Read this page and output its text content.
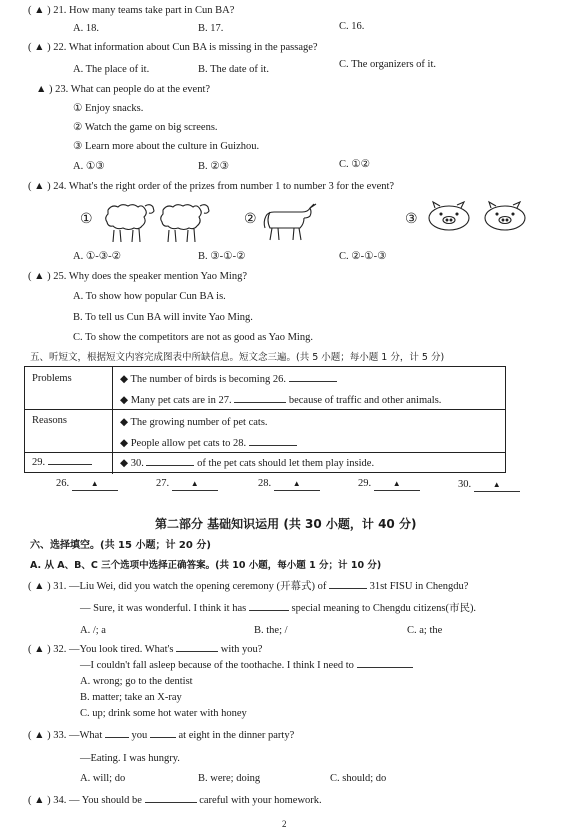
( ▲ ) 21. How many teams take part in Cun BA?
A. 18.	B. 17.	C. 16.
( ▲ ) 22. What information about Cun BA is missing in the passage?
A. The place of it.	B. The date of it.	C. The organizers of it.
▲ ) 23. What can people do at the event?
① Enjoy snacks.
② Watch the game on big screens.
③ Learn more about the culture in Guizhou.
A. ①③	B. ②③	C. ①②
( ▲ ) 24. What's the right order of the prizes from number 1 to number 3 for the event?
①	②	③
A. ①-③-②	B. ③-①-②	C. ②-①-③
( ▲ ) 25. Why does the speaker mention Yao Ming?
A. To show how popular Cun BA is.
B. To tell us Cun BA will invite Yao Ming.
C. To show the competitors are not as good as Yao Ming.
五、听短文，根据短文内容完成图表中所缺信息。短文念三遍。(共 5 小题；每小题 1 分，计 5 分)
Problems	◆ The number of birds is becoming 26.
◆ Many pet cats are in 27.	because of traffic and other animals.
Reasons	◆ The growing number of pet cats.
◆ People allow pet cats to 28.
29.	◆ 30.	of the pet cats should let them play inside.
26.	▲	27.	▲	28.	▲	29.	▲	30.	▲
第二部分 基础知识运用 (共 30 小题，计 40 分)
六、选择填空。(共 15 小题；计 20 分)
A. 从 A、B、C 三个选项中选择正确答案。(共 10 小题，每小题 1 分；计 10 分)
( ▲ ) 31. —Liu Wei, did you watch the opening ceremony (开幕式) of	31st FISU in Chengdu?
— Sure, it was wonderful. I think it has	special meaning to Chengdu citizens(市民).
A. /; a	B. the; /	C. a; the
( ▲ ) 32. —You look tired. What's	with you?
—I couldn't fall asleep because of the toothache. I think I need to
A. wrong; go to the dentist
B. matter; take an X-ray
C. up; drink some hot water with honey
( ▲ ) 33. —What	you	at eight in the dinner party?
—Eating. I was hungry.
A. will; do	B. were; doing	C. should; do
( ▲ ) 34. — You should be	careful with your homework.
2
